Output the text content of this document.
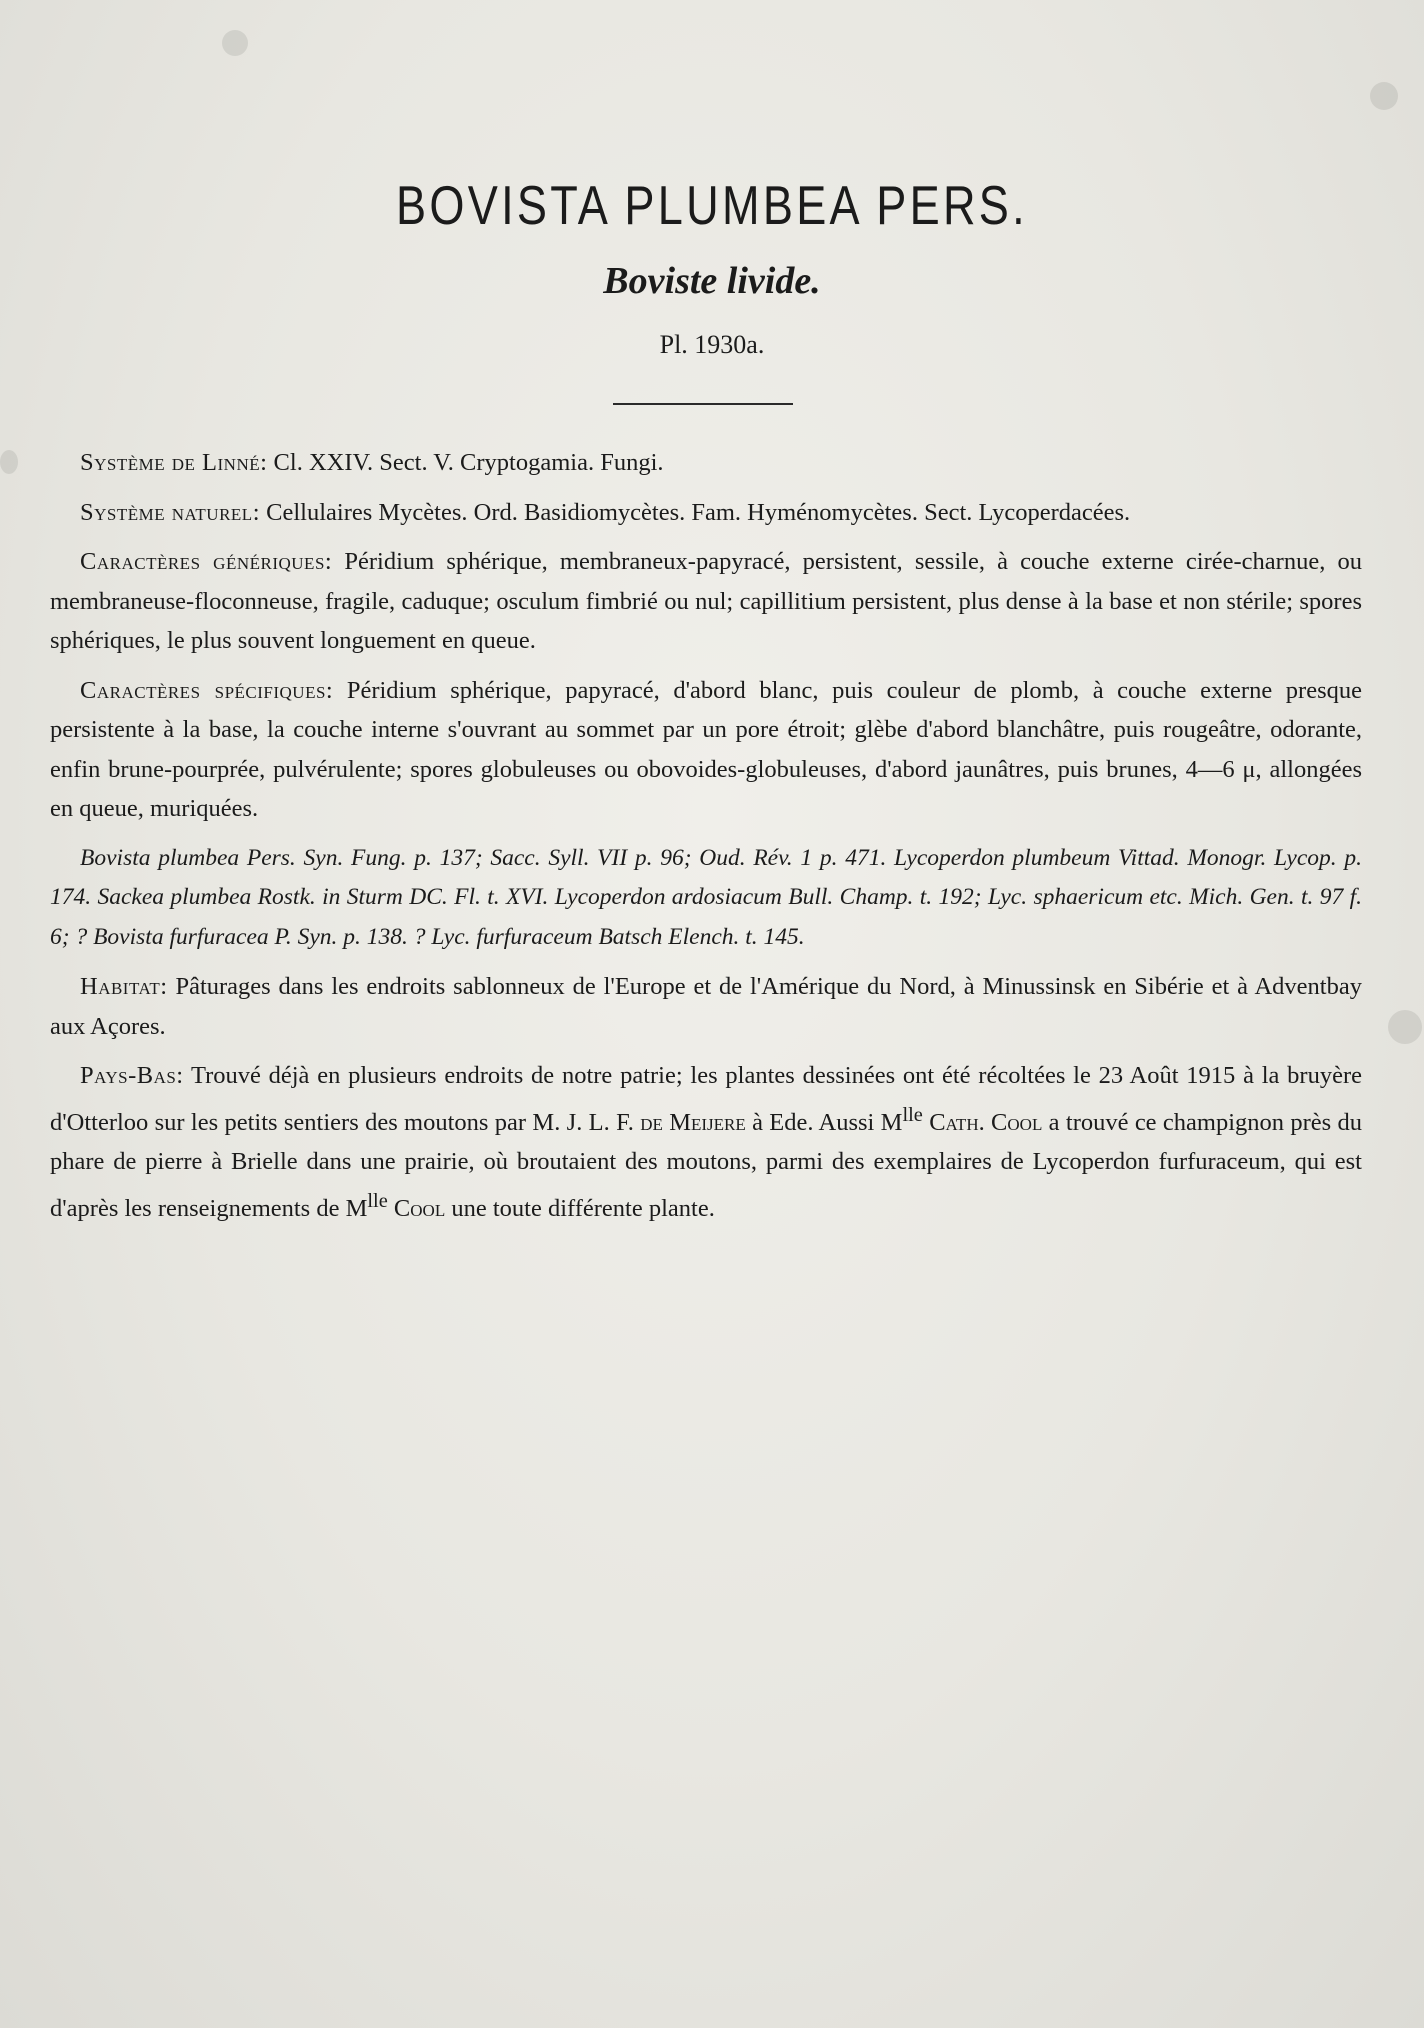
BOVISTA PLUMBEA PERS.
Boviste livide.
Pl. 1930a.

Système de Linné: Cl. XXIV. Sect. V. Cryptogamia. Fungi.

Système naturel: Cellulaires Mycètes. Ord. Basidiomycètes. Fam. Hyménomycètes. Sect. Lycoperdacées.

Caractères génériques: Péridium sphérique, membraneux-papyracé, persistent, sessile, à couche externe cirée-charnue, ou membraneuse-floconneuse, fragile, caduque; osculum fimbrié ou nul; capillitium persistent, plus dense à la base et non stérile; spores sphériques, le plus souvent longuement en queue.

Caractères spécifiques: Péridium sphérique, papyracé, d'abord blanc, puis couleur de plomb, à couche externe presque persistente à la base, la couche interne s'ouvrant au sommet par un pore étroit; glèbe d'abord blanchâtre, puis rougeâtre, odorante, enfin brune-pourprée, pulvérulente; spores globuleuses ou obovoides-globuleuses, d'abord jaunâtres, puis brunes, 4—6 μ, allongées en queue, muriquées.

Bovista plumbea Pers. Syn. Fung. p. 137; Sacc. Syll. VII p. 96; Oud. Rév. 1 p. 471. Lycoperdon plumbeum Vittad. Monogr. Lycop. p. 174. Sackea plumbea Rostk. in Sturm DC. Fl. t. XVI. Lycoperdon ardosiacum Bull. Champ. t. 192; Lyc. sphaericum etc. Mich. Gen. t. 97 f. 6; ? Bovista furfuracea P. Syn. p. 138. ? Lyc. furfuraceum Batsch Elench. t. 145.

Habitat: Pâturages dans les endroits sablonneux de l'Europe et de l'Amérique du Nord, à Minussinsk en Sibérie et à Adventbay aux Açores.

Pays-Bas: Trouvé déjà en plusieurs endroits de notre patrie; les plantes dessinées ont été récoltées le 23 Août 1915 à la bruyère d'Otterloo sur les petits sentiers des moutons par M. J. L. F. de Meijere à Ede. Aussi $M^{lle}$ Cath. Cool a trouvé ce champignon près du phare de pierre à Brielle dans une prairie, où broutaient des moutons, parmi des exemplaires de Lycoperdon furfuraceum, qui est d'après les renseignements de $M^{lle}$ Cool une toute différente plante.
